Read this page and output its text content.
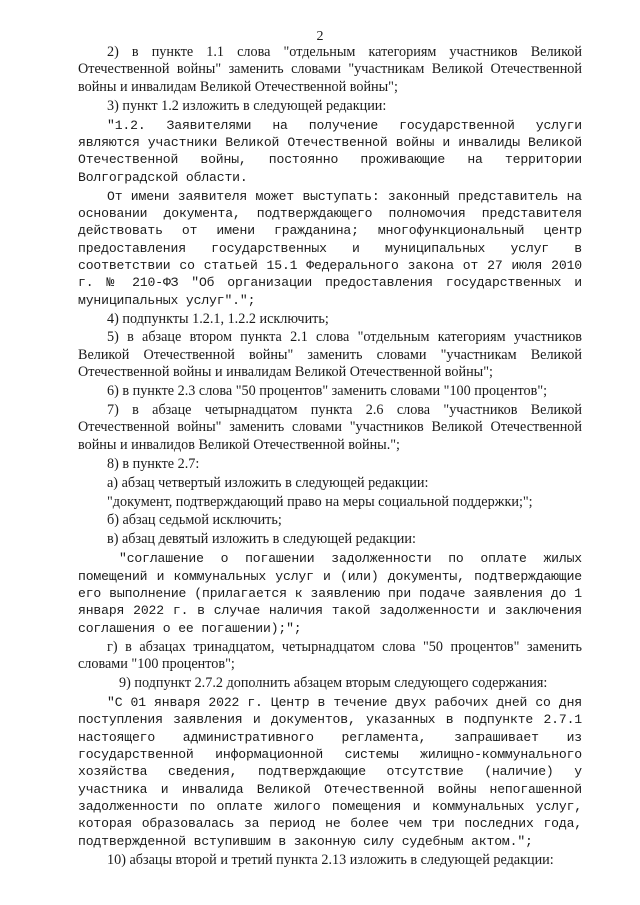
2

2) в пункте 1.1 слова "отдельным категориям участников Великой Отечественной войны" заменить словами "участникам Великой Отечественной войны и инвалидам Великой Отечественной войны";

3) пункт 1.2 изложить в следующей редакции:

"1.2. Заявителями на получение государственной услуги являются участники Великой Отечественной войны и инвалиды Великой Отечественной войны, постоянно проживающие на территории Волгоградской области.

От имени заявителя может выступать: законный представитель на основании документа, подтверждающего полномочия представителя действовать от имени гражданина; многофункциональный центр предоставления государственных и муниципальных услуг в соответствии со статьей 15.1 Федерального закона от 27 июля 2010 г. № 210-ФЗ "Об организации предоставления государственных и муниципальных услуг".";

4) подпункты 1.2.1, 1.2.2 исключить;

5) в абзаце втором пункта 2.1 слова "отдельным категориям участников Великой Отечественной войны" заменить словами "участникам Великой Отечественной войны и инвалидам Великой Отечественной войны";

6) в пункте 2.3 слова "50 процентов" заменить словами "100 процентов";

7) в абзаце четырнадцатом пункта 2.6 слова "участников Великой Отечественной войны" заменить словами "участников Великой Отечественной войны и инвалидов Великой Отечественной войны.";

8) в пункте 2.7:

а) абзац четвертый изложить в следующей редакции:

"документ, подтверждающий право на меры социальной поддержки;";

б) абзац седьмой исключить;

в) абзац девятый изложить в следующей редакции:

"соглашение о погашении задолженности по оплате жилых помещений и коммунальных услуг и (или) документы, подтверждающие его выполнение (прилагается к заявлению при подаче заявления до 1 января 2022 г. в случае наличия такой задолженности и заключения соглашения о ее погашении);";

г) в абзацах тринадцатом, четырнадцатом слова "50 процентов" заменить словами "100 процентов";

9) подпункт 2.7.2 дополнить абзацем вторым следующего содержания:

"С 01 января 2022 г. Центр в течение двух рабочих дней со дня поступления заявления и документов, указанных в подпункте 2.7.1 настоящего административного регламента, запрашивает из государственной информационной системы жилищно-коммунального хозяйства сведения, подтверждающие отсутствие (наличие) у участника и инвалида Великой Отечественной войны непогашенной задолженности по оплате жилого помещения и коммунальных услуг, которая образовалась за период не более чем три последних года, подтвержденной вступившим в законную силу судебным актом.";

10) абзацы второй и третий пункта 2.13 изложить в следующей редакции:
